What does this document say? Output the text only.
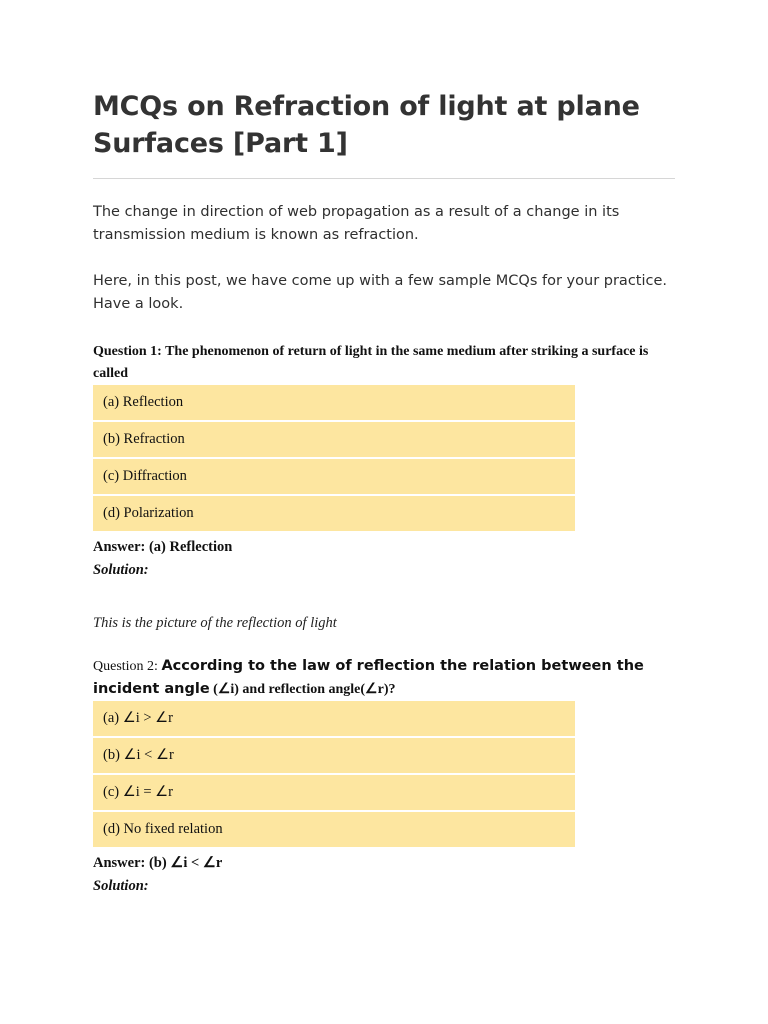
MCQs on Refraction of light at plane Surfaces [Part 1]

The change in direction of web propagation as a result of a change in its transmission medium is known as refraction.

Here, in this post, we have come up with a few sample MCQs for your practice. Have a look.

Question 1: The phenomenon of return of light in the same medium after striking a surface is called

(a) Reflection
(b) Refraction
(c) Diffraction
(d) Polarization

Answer: (a) Reflection

Solution:

This is the picture of the reflection of light

Question 2: According to the law of reflection the relation between the incident angle (∠i) and reflection angle(∠r)?

(a) ∠i > ∠r
(b) ∠i < ∠r
(c) ∠i = ∠r
(d) No fixed relation

Answer: (b) ∠i < ∠r

Solution:
